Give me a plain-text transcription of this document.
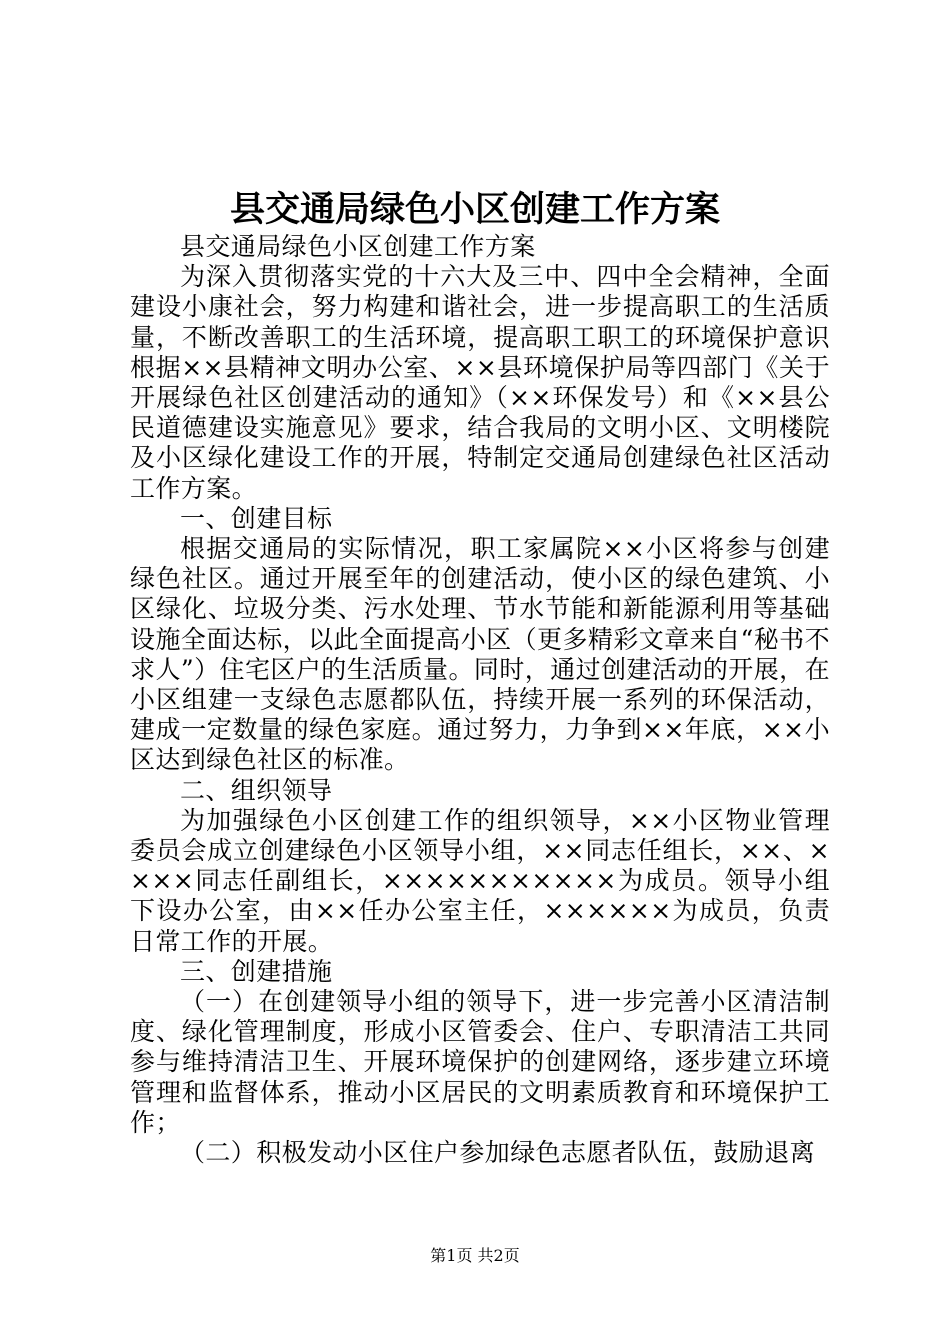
县交通局绿色小区创建工作方案

县交通局绿色小区创建工作方案

为深入贯彻落实党的十六大及三中、四中全会精神，全面建设小康社会，努力构建和谐社会，进一步提高职工的生活质量，不断改善职工的生活环境，提高职工职工的环境保护意识根据××县精神文明办公室、××县环境保护局等四部门《关于开展绿色社区创建活动的通知》（××环保发号）和《××县公民道德建设实施意见》要求，结合我局的文明小区、文明楼院及小区绿化建设工作的开展，特制定交通局创建绿色社区活动工作方案。

一、创建目标

根据交通局的实际情况，职工家属院××小区将参与创建绿色社区。通过开展至年的创建活动，使小区的绿色建筑、小区绿化、垃圾分类、污水处理、节水节能和新能源利用等基础设施全面达标，以此全面提高小区（更多精彩文章来自“秘书不求人”）住宅区户的生活质量。同时，通过创建活动的开展，在小区组建一支绿色志愿都队伍，持续开展一系列的环保活动，建成一定数量的绿色家庭。通过努力，力争到××年底，××小区达到绿色社区的标准。

二、组织领导

为加强绿色小区创建工作的组织领导，××小区物业管理委员会成立创建绿色小区领导小组，××同志任组长，××、××××同志任副组长，×××××××××××为成员。领导小组下设办公室，由××任办公室主任，××××××为成员，负责日常工作的开展。

三、创建措施

（一）在创建领导小组的领导下，进一步完善小区清洁制度、绿化管理制度，形成小区管委会、住户、专职清洁工共同参与维持清洁卫生、开展环境保护的创建网络，逐步建立环境管理和监督体系，推动小区居民的文明素质教育和环境保护工作；

（二）积极发动小区住户参加绿色志愿者队伍，鼓励退离

第1页 共2页
